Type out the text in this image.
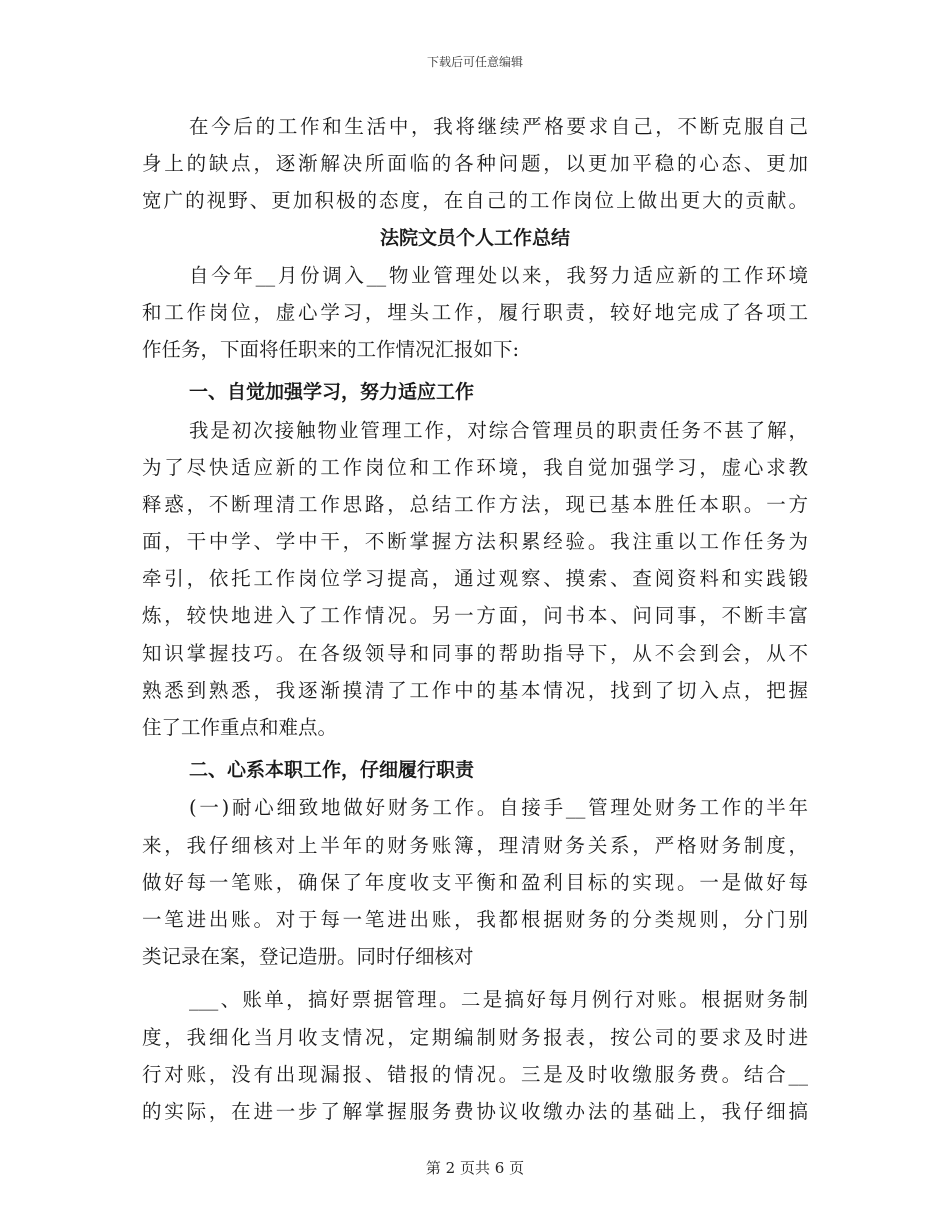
下载后可任意编辑
在今后的工作和生活中，我将继续严格要求自己，不断克服自己
身上的缺点，逐渐解决所面临的各种问题，以更加平稳的心态、更加
宽广的视野、更加积极的态度，在自己的工作岗位上做出更大的贡献。
法院文员个人工作总结
自今年__月份调入__物业管理处以来，我努力适应新的工作环境
和工作岗位，虚心学习，埋头工作，履行职责，较好地完成了各项工
作任务，下面将任职来的工作情况汇报如下:
一、自觉加强学习，努力适应工作
我是初次接触物业管理工作，对综合管理员的职责任务不甚了解，
为了尽快适应新的工作岗位和工作环境，我自觉加强学习，虚心求教
释惑，不断理清工作思路，总结工作方法，现已基本胜任本职。一方
面，干中学、学中干，不断掌握方法积累经验。我注重以工作任务为
牵引，依托工作岗位学习提高，通过观察、摸索、查阅资料和实践锻
炼，较快地进入了工作情况。另一方面，问书本、问同事，不断丰富
知识掌握技巧。在各级领导和同事的帮助指导下，从不会到会，从不
熟悉到熟悉，我逐渐摸清了工作中的基本情况，找到了切入点，把握
住了工作重点和难点。
二、心系本职工作，仔细履行职责
(一)耐心细致地做好财务工作。自接手__管理处财务工作的半年
来，我仔细核对上半年的财务账簿，理清财务关系，严格财务制度，
做好每一笔账，确保了年度收支平衡和盈利目标的实现。一是做好每
一笔进出账。对于每一笔进出账，我都根据财务的分类规则，分门别
类记录在案，登记造册。同时仔细核对
___、账单，搞好票据管理。二是搞好每月例行对账。根据财务制
度，我细化当月收支情况，定期编制财务报表，按公司的要求及时进
行对账，没有出现漏报、错报的情况。三是及时收缴服务费。结合__
的实际，在进一步了解掌握服务费协议收缴办法的基础上，我仔细搞
第 2 页共 6 页
